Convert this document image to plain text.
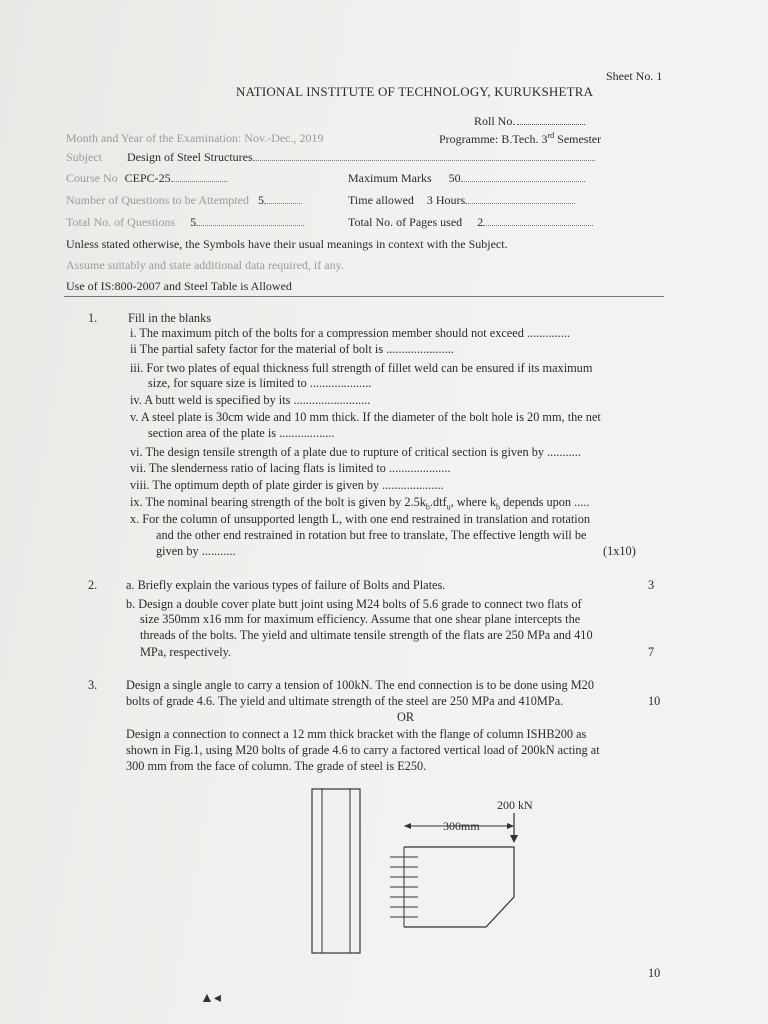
Sheet No. 1
NATIONAL INSTITUTE OF TECHNOLOGY, KURUKSHETRA
Roll No.
Month and Year of the Examination: Nov.-Dec., 2019	Programme: B.Tech. 3rd Semester
Subject Design of Steel Structures
Course No CEPC-25	Maximum Marks 50
Number of Questions to be Attempted 5	Time allowed 3 Hours
Total No. of Questions 5	Total No. of Pages used 2
Unless stated otherwise, the Symbols have their usual meanings in context with the Subject.
Assume suitably and state additional data required, if any.
Use of IS:800-2007 and Steel Table is Allowed
1.	Fill in the blanks
i. The maximum pitch of the bolts for a compression member should not exceed ..............
ii The partial safety factor for the material of bolt is ......................
iii. For two plates of equal thickness full strength of fillet weld can be ensured if its maximum
size, for square size is limited to ....................
iv. A butt weld is specified by its .........................
v. A steel plate is 30cm wide and 10 mm thick. If the diameter of the bolt hole is 20 mm, the net
section area of the plate is ..................
vi. The design tensile strength of a plate due to rupture of critical section is given by ...........
vii. The slenderness ratio of lacing flats is limited to ....................
viii. The optimum depth of plate girder is given by ....................
ix. The nominal bearing strength of the bolt is given by $2.5k_b.dtf_u$, where $k_b$ depends upon .....
x. For the column of unsupported length L, with one end restrained in translation and rotation
and the other end restrained in rotation but free to translate, The effective length will be
given by ...........	(1x10)
2. a. Briefly explain the various types of failure of Bolts and Plates.	3
b. Design a double cover plate butt joint using M24 bolts of 5.6 grade to connect two flats of
size 350mm x16 mm for maximum efficiency. Assume that one shear plane intercepts the
threads of the bolts. The yield and ultimate tensile strength of the flats are 250 MPa and 410
MPa, respectively.	7
3. Design a single angle to carry a tension of 100kN. The end connection is to be done using M20
bolts of grade 4.6. The yield and ultimate strength of the steel are 250 MPa and 410MPa.	10
OR
Design a connection to connect a 12 mm thick bracket with the flange of column ISHB200 as
shown in Fig.1, using M20 bolts of grade 4.6 to carry a factored vertical load of 200kN acting at
300 mm from the face of column. The grade of steel is E250.
200 kN
300mm
10
▲◂
